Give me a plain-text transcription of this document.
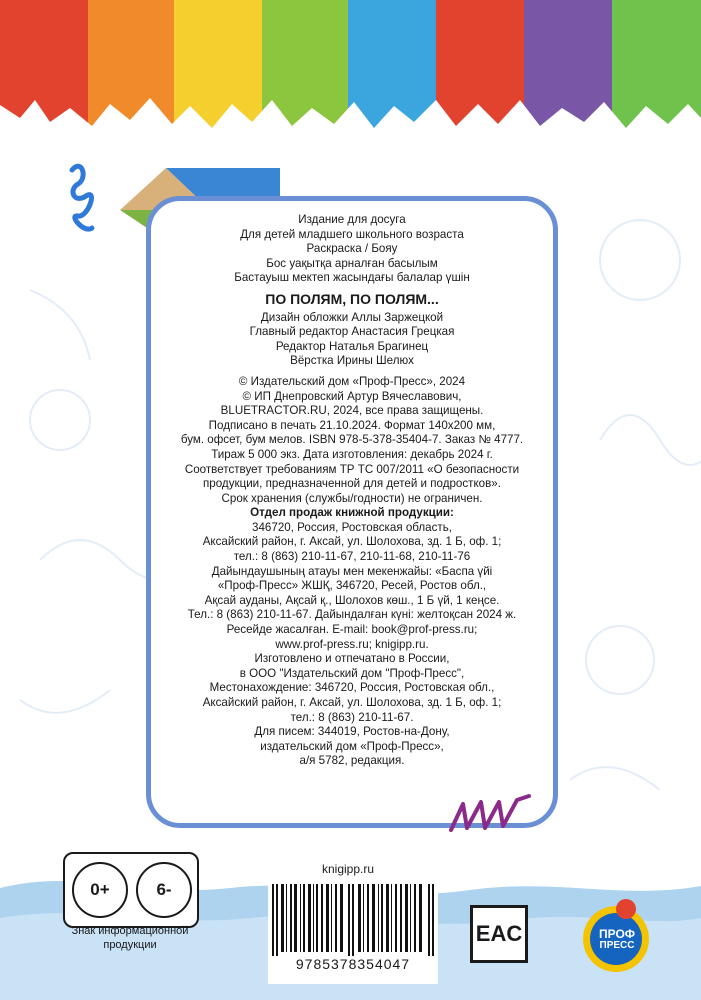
Издание для досуга
Для детей младшего школьного возраста
Раскраска / Бояу
Бос уақытқа арналған басылым
Бастауыш мектеп жасындағы балалар үшін
ПО ПОЛЯМ, ПО ПОЛЯМ...
Дизайн обложки Аллы Заржецкой
Главный редактор Анастасия Грецкая
Редактор Наталья Брагинец
Вёрстка Ирины Шелюх
© Издательский дом «Проф-Пресс», 2024
© ИП Днепровский Артур Вячеславович,
BLUETRACTOR.RU, 2024, все права защищены.
Подписано в печать 21.10.2024. Формат 140x200 мм,
бум. офсет, бум мелов. ISBN 978-5-378-35404-7. Заказ № 4777.
Тираж 5 000 экз. Дата изготовления: декабрь 2024 г.
Соответствует требованиям ТР ТС 007/2011 «О безопасности
продукции, предназначенной для детей и подростков».
Срок хранения (службы/годности) не ограничен.
Отдел продаж книжной продукции:
346720, Россия, Ростовская область,
Аксайский район, г. Аксай, ул. Шолохова, зд. 1 Б, оф. 1;
тел.: 8 (863) 210-11-67, 210-11-68, 210-11-76
Дайындаушының атауы мен мекенжайы: «Баспа үйі
«Проф-Пресс» ЖШҚ, 346720, Ресей, Ростов обл.,
Ақсай ауданы, Ақсай қ., Шолохов көш., 1 Б үй, 1 кеңсе.
Тел.: 8 (863) 210-11-67. Дайындалған күні: желтоқсан 2024 ж.
Ресейде жасалған. E-mail: book@prof-press.ru;
www.prof-press.ru; knigipp.ru.
Изготовлено и отпечатано в России,
в ООО "Издательский дом "Проф-Пресс",
Местонахождение: 346720, Россия, Ростовская обл.,
Аксайский район, г. Аксай, ул. Шолохова, зд. 1 Б, оф. 1;
тел.: 8 (863) 210-11-67.
Для писем: 344019, Ростов-на-Дону,
издательский дом «Проф-Пресс»,
а/я 5782, редакция.
0+	6-
Знак информационной
продукции
knigipp.ru
9785378354047
EAC	ПРОФ
ПРЕСС
